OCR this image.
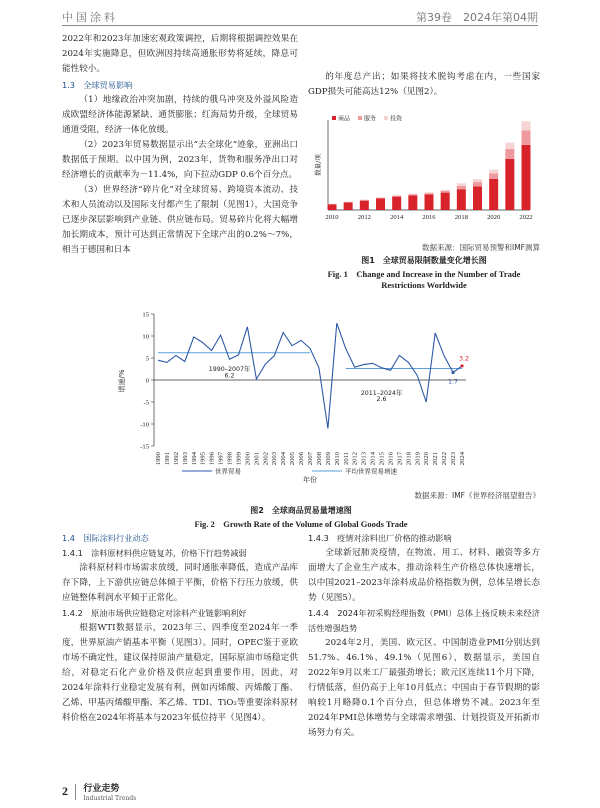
中国涂料	第39卷　2024年第04期

2022年和2023年加速宏观政策调控，后期将根据调控效果在2024年实施降息，但欧洲因持续高通胀形势将延续，降息可能性较小。

1.3　全球贸易影响

（1）地缘政治冲突加剧，持续的俄乌冲突及外溢风险造成欧盟经济体能源紧缺、通货膨胀；红海局势升级，全球贸易通道受阻，经济一体化放缓。

（2）2023年贸易数据显示出“去全球化”迹象，亚洲出口数据低于预期。以中国为例，2023年，货物和服务净出口对经济增长的贡献率为－11.4%，向下拉动GDP 0.6个百分点。

（3）世界经济“碎片化”对全球贸易、跨境资本流动、技术和人员流动以及国际支付都产生了限制（见图1），大国竞争已逐步深层影响到产业链、供应链布局。贸易碎片化将大幅增加长期成本，预计可达到正常情况下全球产出的0.2%～7%，相当于德国和日本

的年度总产出；如果将技术脱钩考虑在内，一些国家GDP损失可能高达12%（见图2）。

商品 服务 投资
数量/项
2010	2012	2014	2016	2018	2020	2022
数据来源：国际贸易预警和IMF测算
图1　全球贸易限制数量变化增长图
Fig. 1　Change and Increase in the Number of Trade Restrictions Worldwide
-15
-10
-5
0
5
10
15
增速/%
1990 1991 1992 1993 1994 1995 1996 1997 1998 1999 2000 2001 2002 2003 2004 2005 2006 2007 2008 2009 2010 2011 2012 2013 2014 2015 2016 2017 2018 2019 2020 2021 2022 2023 2024
年份
1990–2007年
6.2
2011–2024年
2.6
1.7
3.2
世界贸易	平均世界贸易增速
数据来源：IMF《世界经济展望报告》
图2　全球商品贸易量增速图
Fig. 2　Growth Rate of the Volume of Global Goods Trade

1.4　国际涂料行业动态

1.4.1　涂料原材料供应链复苏，价格下行趋势减弱

涂料原材料市场需求放缓，同时通胀率降低，造成产品库存下降，上下游供应链总体倾于平衡，价格下行压力放缓，供应链整体利润水平倾于正常化。

1.4.2　原油市场供应链稳定对涂料产业链影响利好

根据WTI数据显示，2023年三、四季度至2024年一季度，世界原油产销基本平衡（见图3）。同时，OPEC鉴于亚欧市场不确定性，建议保持原油产量稳定，国际原油市场稳定供给，对稳定石化产业价格及供应起到重要作用，因此，对2024年涂料行业稳定发展有利，例如丙烯酸、丙烯酸丁酯、乙烯、甲基丙烯酸甲酯、苯乙烯、TDI、TiO₂等重要涂料原材料价格在2024年将基本与2023年低位持平（见图4）。

1.4.3　疫情对涂料出厂价格的推动影响

全球新冠肺炎疫情，在物流、用工、材料、融资等多方面增大了企业生产成本，推动涂料生产价格总体快速增长，以中国2021–2023年涂料成品价格指数为例，总体呈增长态势（见图5）。

1.4.4　2024年初采购经理指数（PMI）总体上扬反映未来经济活性增强趋势

2024年2月，美国、欧元区、中国制造业PMI分别达到51.7%、46.1%、49.1%（见图6），数据显示，美国自2022年9月以来工厂最强劲增长；欧元区连续11个月下降，行情低落，但仍高于上年10月低点；中国由于春节假期的影响较1月略降0.1个百分点，但总体增势不减。2023年至2024年PMI总体增势与全球需求增强、计划投资及开拓新市场努力有关。

2 行业走势
Industrial Trends
